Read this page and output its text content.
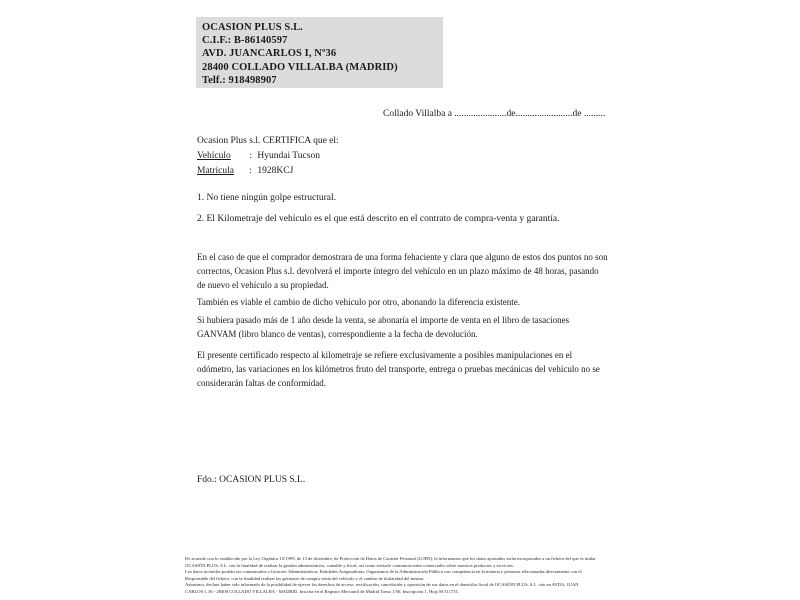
OCASION PLUS S.L.
C.I.F.: B-86140597
AVD. JUANCARLOS I, Nº36
28400 COLLADO VILLALBA (MADRID)
Telf.: 918498907
Collado Villalba a ......................de........................de .........
Ocasion Plus s.l. CERTIFICA que el:
Vehículo : Hyundai Tucson
Matrícula : 1928KCJ
1. No tiene ningún golpe estructural.
2. El Kilometraje del vehículo es el que está descrito en el contrato de compra-venta y garantía.
En el caso de que el comprador demostrara de una forma fehaciente y clara que alguno de estos dos puntos no son correctos, Ocasion Plus s.l. devolverá el importe íntegro del vehículo en un plazo máximo de 48 horas, pasando de nuevo el vehículo a su propiedad.
También es viable el cambio de dicho vehículo por otro, abonando la diferencia existente.
Si hubiera pasado más de 1 año desde la venta, se abonaría el importe de venta en el libro de tasaciones GANVAM (libro blanco de ventas), correspondiente a la fecha de devolución.
El presente certificado respecto al kilometraje se refiere exclusivamente a posibles manipulaciones en el odómetro, las variaciones en los kilómetros fruto del transporte, entrega o pruebas mecánicas del vehículo no se considerarán faltas de conformidad.
Fdo.: OCASION PLUS S.L.
De acuerdo con lo establecido por la Ley Orgánica 15/1999, de 13 de diciembre, de Protección de Datos de Carácter Personal (LOPD), le informamos que los datos aportados serán incorporados a un fichero del que es titular
OCASIÓN PLUS, S.L. con la finalidad de realizar la gestión administrativa, contable y fiscal, así como enviarle comunicaciones comerciales sobre nuestros productos y servicios.
Los datos incluidos podrán ser comunicados a Gestores Administrativos, Entidades Aseguradoras, Organismos de la Administración Pública con competencia en la materia y personas relacionadas directamente con el
Responsable del fichero, con la finalidad realizar las gestiones de compra venta del vehículo y el cambio de titularidad del mismo.
Asimismo, declara haber sido informado de la posibilidad de ejercer los derechos de acceso, rectificación, cancelación y oposición de sus datos en el domicilio fiscal de OCASIÓN PLUS, S.L. sito en AVDA. JUAN
CARLOS I, 36 - 28400 COLLADO VILLALBA - MADRID. Inscrita en el Registro Mercantil de Madrid Tomo 1/56, Inscripción 1, Hoja M 511731.
